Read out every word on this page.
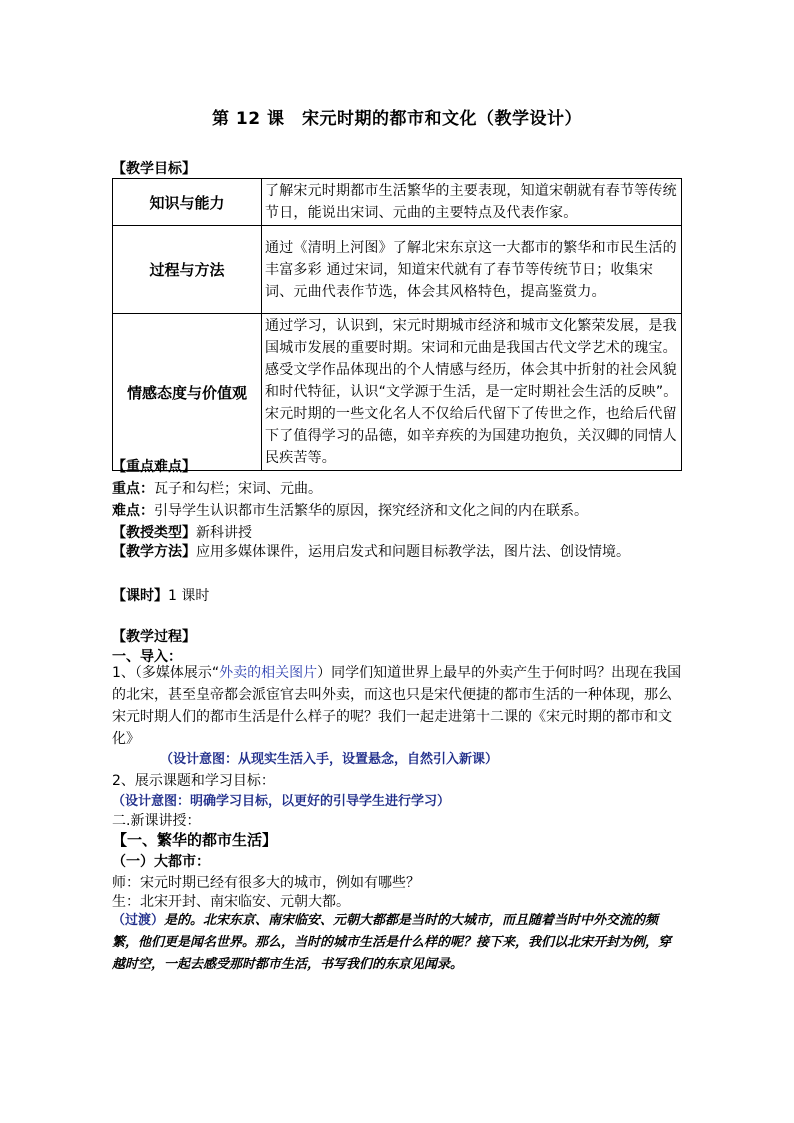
第 12 课　宋元时期的都市和文化（教学设计）
【教学目标】
知识与能力	了解宋元时期都市生活繁华的主要表现，知道宋朝就有春节等传统节日，能说出宋词、元曲的主要特点及代表作家。
过程与方法	通过《清明上河图》了解北宋东京这一大都市的繁华和市民生活的丰富多彩 通过宋词，知道宋代就有了春节等传统节日；收集宋词、元曲代表作节选，体会其风格特色，提高鉴赏力。
情感态度与价值观	通过学习，认识到，宋元时期城市经济和城市文化繁荣发展，是我国城市发展的重要时期。宋词和元曲是我国古代文学艺术的瑰宝。感受文学作品体现出的个人情感与经历，体会其中折射的社会风貌和时代特征，认识“文学源于生活，是一定时期社会生活的反映”。宋元时期的一些文化名人不仅给后代留下了传世之作，也给后代留下了值得学习的品德，如辛弃疾的为国建功抱负，关汉卿的同情人民疾苦等。
【重点难点】
重点：瓦子和勾栏；宋词、元曲。
难点：引导学生认识都市生活繁华的原因，探究经济和文化之间的内在联系。
【教授类型】新科讲授
【教学方法】应用多媒体课件，运用启发式和问题目标教学法，图片法、创设情境。
【课时】1 课时
【教学过程】
一、导入：
1、（多媒体展示“外卖的相关图片）同学们知道世界上最早的外卖产生于何时吗？出现在我国的北宋，甚至皇帝都会派宦官去叫外卖，而这也只是宋代便捷的都市生活的一种体现，那么宋元时期人们的都市生活是什么样子的呢？我们一起走进第十二课的《宋元时期的都市和文化》
（设计意图：从现实生活入手，设置悬念，自然引入新课）
2、展示课题和学习目标：
（设计意图：明确学习目标，以更好的引导学生进行学习）
二.新课讲授：
【一、繁华的都市生活】
（一）大都市：
师：宋元时期已经有很多大的城市，例如有哪些？
生：北宋开封、南宋临安、元朝大都。
（过渡）是的。北宋东京、南宋临安、元朝大都都是当时的大城市，而且随着当时中外交流的频繁，他们更是闻名世界。那么，当时的城市生活是什么样的呢？接下来，我们以北宋开封为例，穿越时空，一起去感受那时都市生活，书写我们的东京见闻录。
